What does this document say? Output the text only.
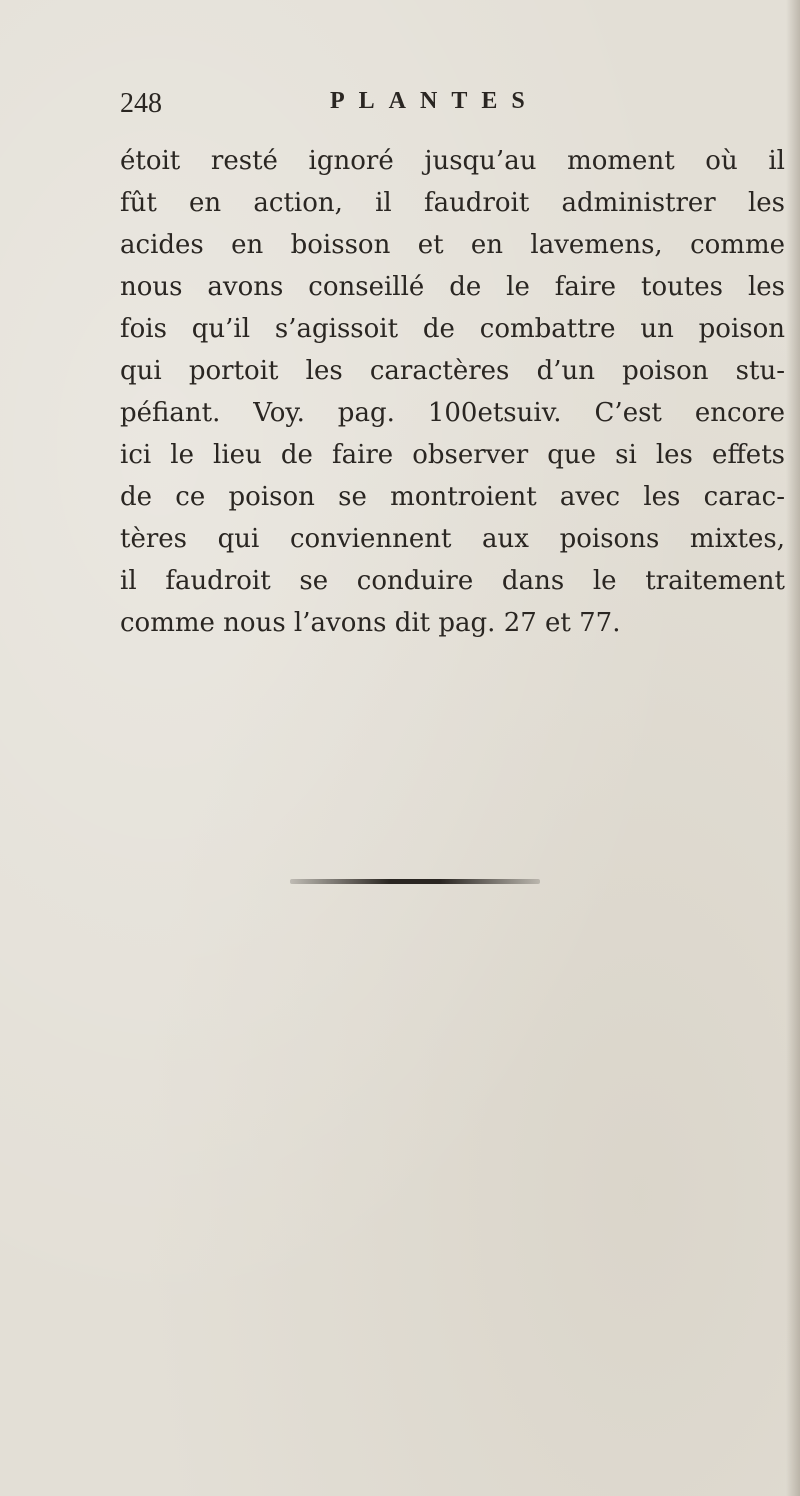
248	PLANTES
étoit resté ignoré jusqu’au moment où il
fût en action, il faudroit administrer les
acides en boisson et en lavemens, comme
nous avons conseillé de le faire toutes les
fois qu’il s’agissoit de combattre un poison
qui portoit les caractères d’un poison stu-
péfiant. Voy. pag. 100etsuiv. C’est encore
ici le lieu de faire observer que si les effets
de ce poison se montroient avec les carac-
tères qui conviennent aux poisons mixtes,
il faudroit se conduire dans le traitement
comme nous l’avons dit pag. 27 et 77.
